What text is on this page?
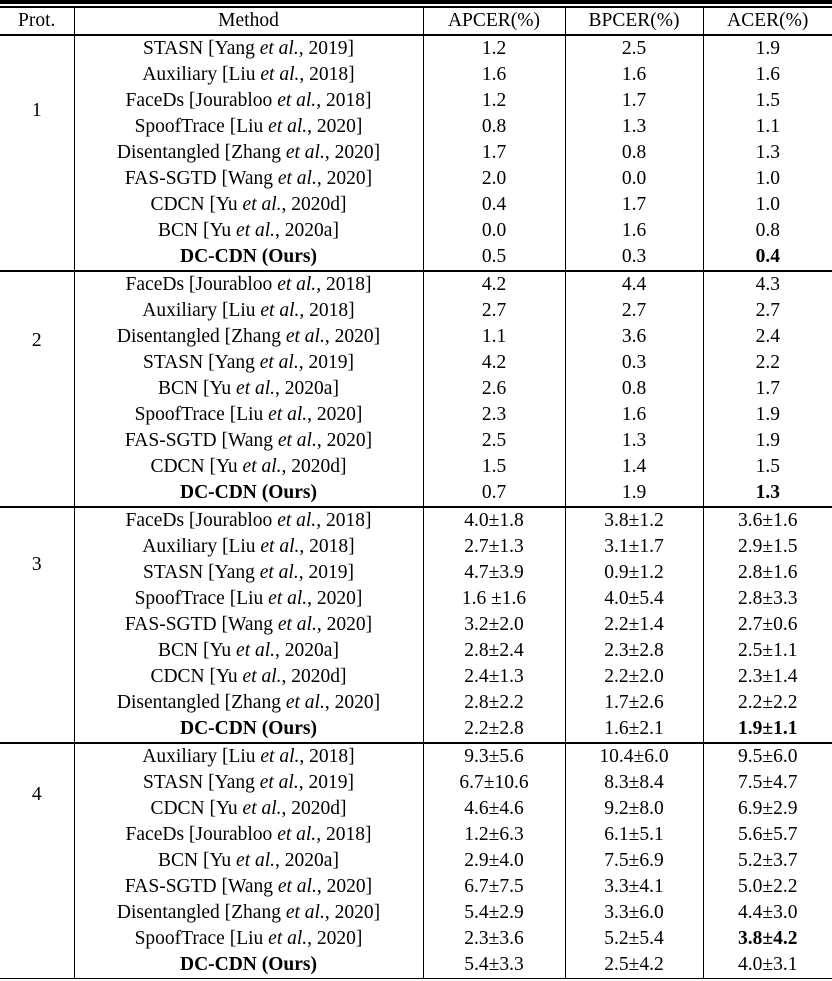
Prot.	Method	APCER(%)	BPCER(%)	ACER(%)
1	STASN [Yang et al., 2019]	1.2	2.5	1.9
	Auxiliary [Liu et al., 2018]	1.6	1.6	1.6
	FaceDs [Jourabloo et al., 2018]	1.2	1.7	1.5
	SpoofTrace [Liu et al., 2020]	0.8	1.3	1.1
	Disentangled [Zhang et al., 2020]	1.7	0.8	1.3
	FAS-SGTD [Wang et al., 2020]	2.0	0.0	1.0
	CDCN [Yu et al., 2020d]	0.4	1.7	1.0
	BCN [Yu et al., 2020a]	0.0	1.6	0.8
	DC-CDN (Ours)	0.5	0.3	0.4
2	FaceDs [Jourabloo et al., 2018]	4.2	4.4	4.3
	Auxiliary [Liu et al., 2018]	2.7	2.7	2.7
	Disentangled [Zhang et al., 2020]	1.1	3.6	2.4
	STASN [Yang et al., 2019]	4.2	0.3	2.2
	BCN [Yu et al., 2020a]	2.6	0.8	1.7
	SpoofTrace [Liu et al., 2020]	2.3	1.6	1.9
	FAS-SGTD [Wang et al., 2020]	2.5	1.3	1.9
	CDCN [Yu et al., 2020d]	1.5	1.4	1.5
	DC-CDN (Ours)	0.7	1.9	1.3
3	FaceDs [Jourabloo et al., 2018]	4.0±1.8	3.8±1.2	3.6±1.6
	Auxiliary [Liu et al., 2018]	2.7±1.3	3.1±1.7	2.9±1.5
	STASN [Yang et al., 2019]	4.7±3.9	0.9±1.2	2.8±1.6
	SpoofTrace [Liu et al., 2020]	1.6 ±1.6	4.0±5.4	2.8±3.3
	FAS-SGTD [Wang et al., 2020]	3.2±2.0	2.2±1.4	2.7±0.6
	BCN [Yu et al., 2020a]	2.8±2.4	2.3±2.8	2.5±1.1
	CDCN [Yu et al., 2020d]	2.4±1.3	2.2±2.0	2.3±1.4
	Disentangled [Zhang et al., 2020]	2.8±2.2	1.7±2.6	2.2±2.2
	DC-CDN (Ours)	2.2±2.8	1.6±2.1	1.9±1.1
4	Auxiliary [Liu et al., 2018]	9.3±5.6	10.4±6.0	9.5±6.0
	STASN [Yang et al., 2019]	6.7±10.6	8.3±8.4	7.5±4.7
	CDCN [Yu et al., 2020d]	4.6±4.6	9.2±8.0	6.9±2.9
	FaceDs [Jourabloo et al., 2018]	1.2±6.3	6.1±5.1	5.6±5.7
	BCN [Yu et al., 2020a]	2.9±4.0	7.5±6.9	5.2±3.7
	FAS-SGTD [Wang et al., 2020]	6.7±7.5	3.3±4.1	5.0±2.2
	Disentangled [Zhang et al., 2020]	5.4±2.9	3.3±6.0	4.4±3.0
	SpoofTrace [Liu et al., 2020]	2.3±3.6	5.2±5.4	3.8±4.2
	DC-CDN (Ours)	5.4±3.3	2.5±4.2	4.0±3.1
